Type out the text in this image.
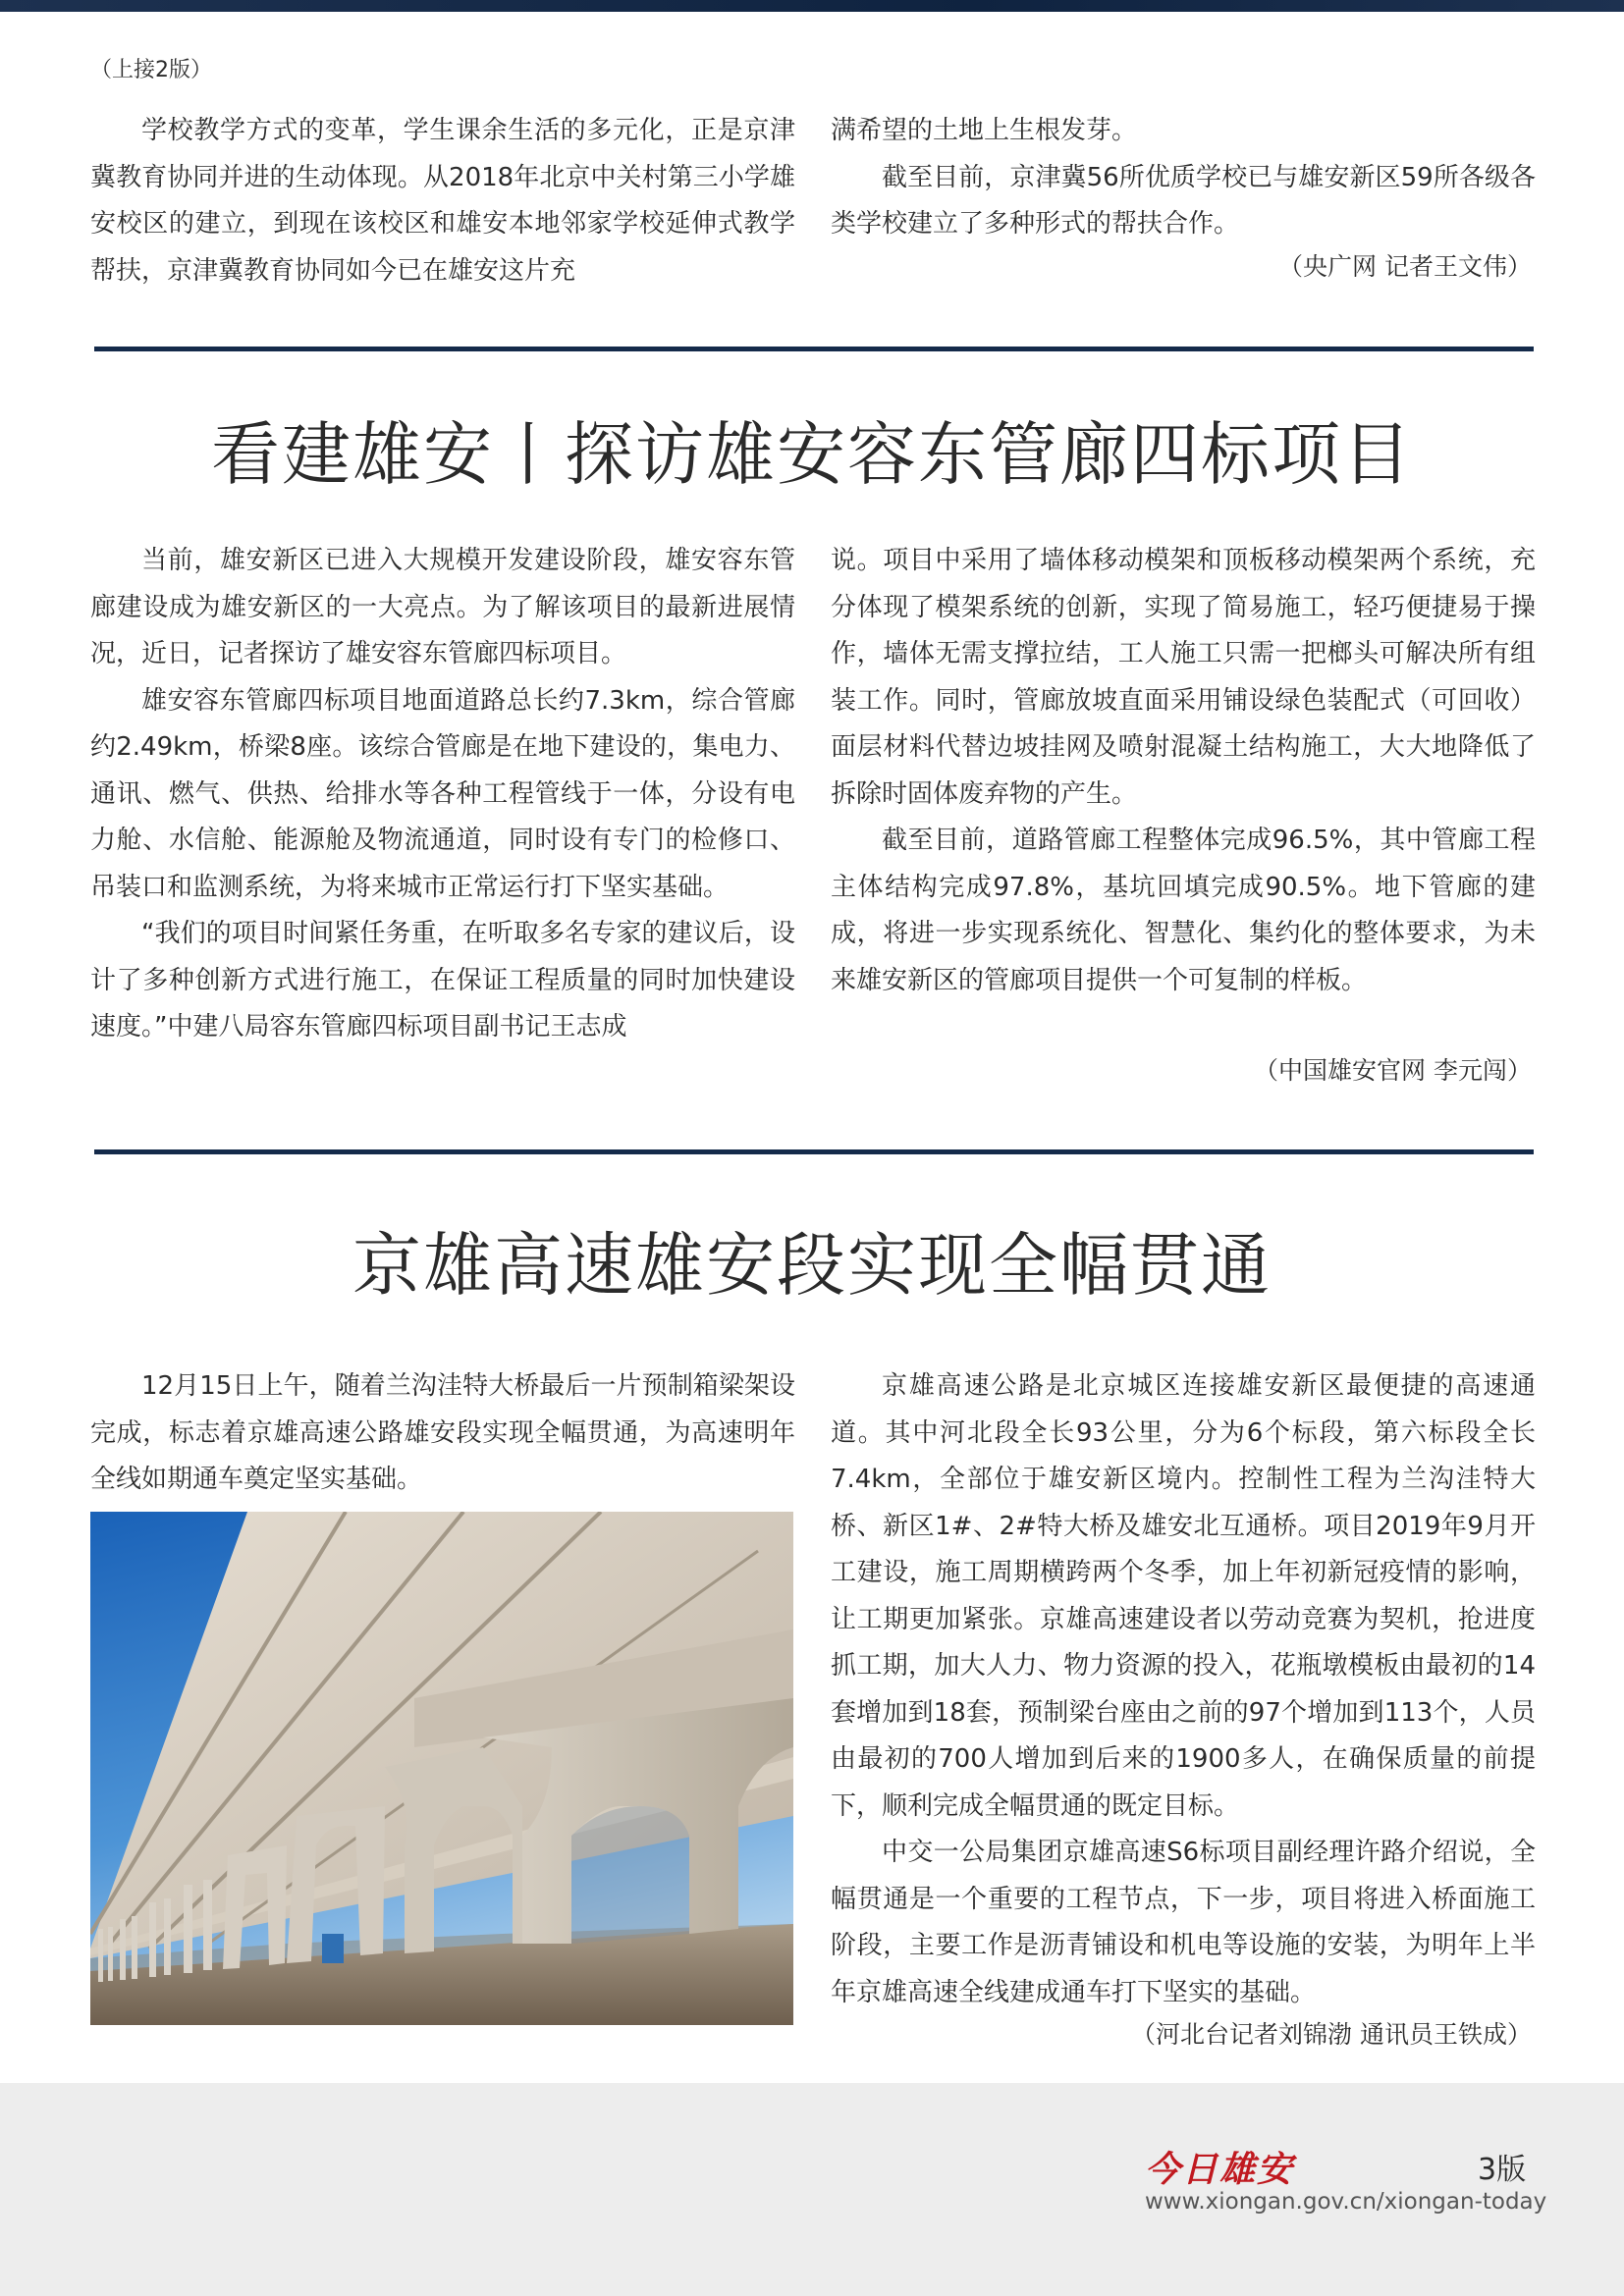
（上接2版）

学校教学方式的变革，学生课余生活的多元化，正是京津冀教育协同并进的生动体现。从2018年北京中关村第三小学雄安校区的建立，到现在该校区和雄安本地邻家学校延伸式教学帮扶，京津冀教育协同如今已在雄安这片充

满希望的土地上生根发芽。

截至目前，京津冀56所优质学校已与雄安新区59所各级各类学校建立了多种形式的帮扶合作。

（央广网 记者王文伟）
看建雄安丨探访雄安容东管廊四标项目

当前，雄安新区已进入大规模开发建设阶段，雄安容东管廊建设成为雄安新区的一大亮点。为了解该项目的最新进展情况，近日，记者探访了雄安容东管廊四标项目。

雄安容东管廊四标项目地面道路总长约7.3km，综合管廊约2.49km，桥梁8座。该综合管廊是在地下建设的，集电力、通讯、燃气、供热、给排水等各种工程管线于一体，分设有电力舱、水信舱、能源舱及物流通道，同时设有专门的检修口、吊装口和监测系统，为将来城市正常运行打下坚实基础。

“我们的项目时间紧任务重，在听取多名专家的建议后，设计了多种创新方式进行施工，在保证工程质量的同时加快建设速度。”中建八局容东管廊四标项目副书记王志成

说。项目中采用了墙体移动模架和顶板移动模架两个系统，充分体现了模架系统的创新，实现了简易施工，轻巧便捷易于操作，墙体无需支撑拉结，工人施工只需一把榔头可解决所有组装工作。同时，管廊放坡直面采用铺设绿色装配式（可回收）面层材料代替边坡挂网及喷射混凝土结构施工，大大地降低了拆除时固体废弃物的产生。

截至目前，道路管廊工程整体完成96.5%，其中管廊工程主体结构完成97.8%，基坑回填完成90.5%。地下管廊的建成，将进一步实现系统化、智慧化、集约化的整体要求，为未来雄安新区的管廊项目提供一个可复制的样板。

（中国雄安官网 李元闯）
京雄高速雄安段实现全幅贯通

12月15日上午，随着兰沟洼特大桥最后一片预制箱梁架设完成，标志着京雄高速公路雄安段实现全幅贯通，为高速明年全线如期通车奠定坚实基础。

京雄高速公路是北京城区连接雄安新区最便捷的高速通道。其中河北段全长93公里，分为6个标段，第六标段全长7.4km，全部位于雄安新区境内。控制性工程为兰沟洼特大桥、新区1#、2#特大桥及雄安北互通桥。项目2019年9月开工建设，施工周期横跨两个冬季，加上年初新冠疫情的影响，让工期更加紧张。京雄高速建设者以劳动竞赛为契机，抢进度抓工期，加大人力、物力资源的投入，花瓶墩模板由最初的14套增加到18套，预制梁台座由之前的97个增加到113个，人员由最初的700人增加到后来的1900多人，在确保质量的前提下，顺利完成全幅贯通的既定目标。

中交一公局集团京雄高速S6标项目副经理许路介绍说，全幅贯通是一个重要的工程节点，下一步，项目将进入桥面施工阶段，主要工作是沥青铺设和机电等设施的安装，为明年上半年京雄高速全线建成通车打下坚实的基础。

（河北台记者刘锦渤 通讯员王铁成）
今日雄安	3版
www.xiongan.gov.cn/xiongan-today
